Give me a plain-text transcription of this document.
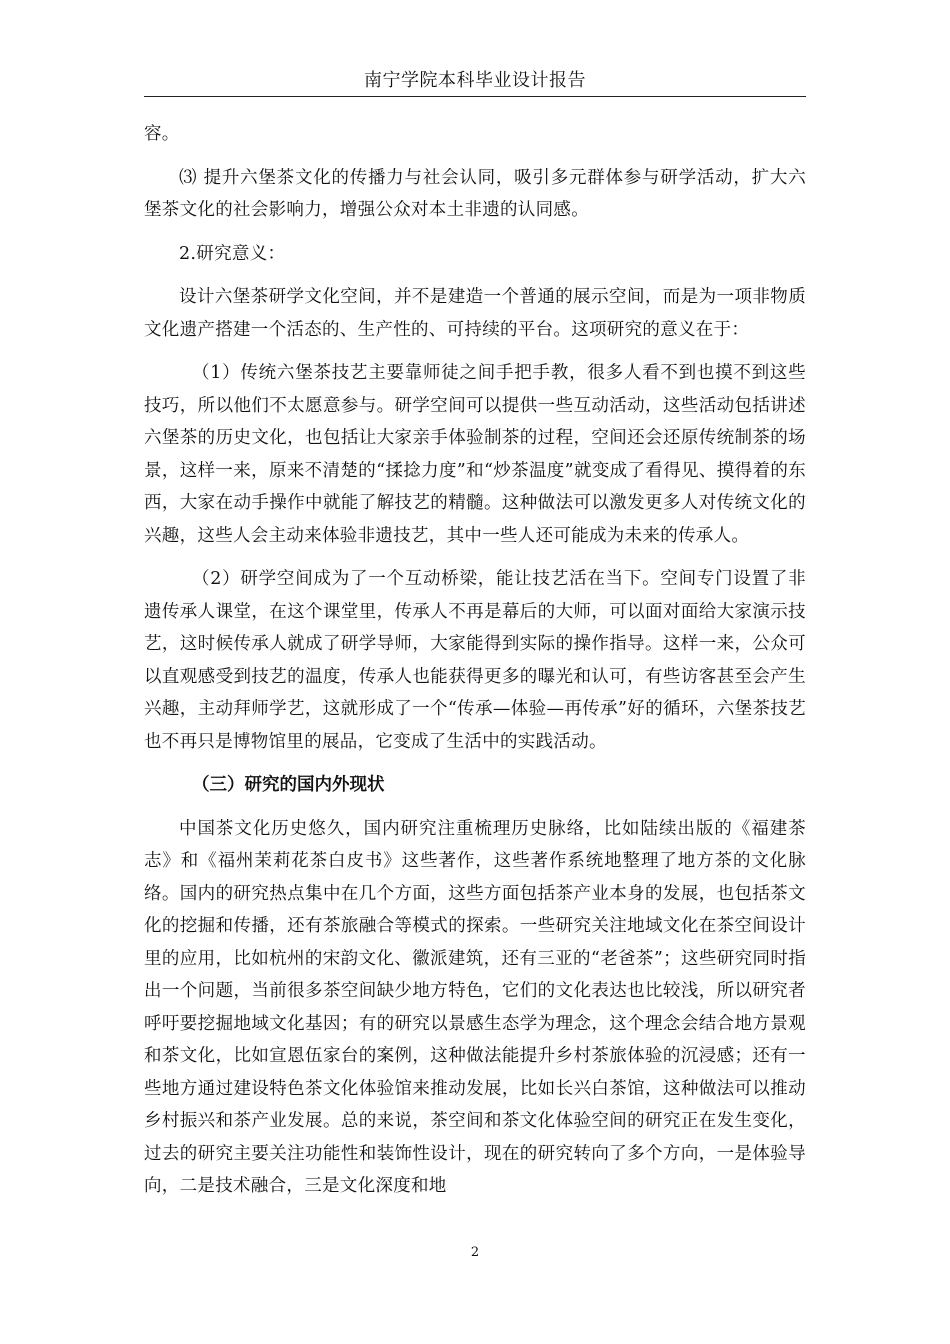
南宁学院本科毕业设计报告

容。

⑶ 提升六堡茶文化的传播力与社会认同，吸引多元群体参与研学活动，扩大六堡茶文化的社会影响力，增强公众对本土非遗的认同感。

2.研究意义：

设计六堡茶研学文化空间，并不是建造一个普通的展示空间，而是为一项非物质文化遗产搭建一个活态的、生产性的、可持续的平台。这项研究的意义在于：

（1）传统六堡茶技艺主要靠师徒之间手把手教，很多人看不到也摸不到这些技巧，所以他们不太愿意参与。研学空间可以提供一些互动活动，这些活动包括讲述六堡茶的历史文化，也包括让大家亲手体验制茶的过程，空间还会还原传统制茶的场景，这样一来，原来不清楚的“揉捻力度”和“炒茶温度”就变成了看得见、摸得着的东西，大家在动手操作中就能了解技艺的精髓。这种做法可以激发更多人对传统文化的兴趣，这些人会主动来体验非遗技艺，其中一些人还可能成为未来的传承人。

（2）研学空间成为了一个互动桥梁，能让技艺活在当下。空间专门设置了非遗传承人课堂，在这个课堂里，传承人不再是幕后的大师，可以面对面给大家演示技艺，这时候传承人就成了研学导师，大家能得到实际的操作指导。这样一来，公众可以直观感受到技艺的温度，传承人也能获得更多的曝光和认可，有些访客甚至会产生兴趣，主动拜师学艺，这就形成了一个“传承—体验—再传承”好的循环，六堡茶技艺也不再只是博物馆里的展品，它变成了生活中的实践活动。

（三）研究的国内外现状

中国茶文化历史悠久，国内研究注重梳理历史脉络，比如陆续出版的《福建茶志》和《福州茉莉花茶白皮书》这些著作，这些著作系统地整理了地方茶的文化脉络。国内的研究热点集中在几个方面，这些方面包括茶产业本身的发展，也包括茶文化的挖掘和传播，还有茶旅融合等模式的探索。一些研究关注地域文化在茶空间设计里的应用，比如杭州的宋韵文化、徽派建筑，还有三亚的“老爸茶”；这些研究同时指出一个问题，当前很多茶空间缺少地方特色，它们的文化表达也比较浅，所以研究者呼吁要挖掘地域文化基因；有的研究以景感生态学为理念，这个理念会结合地方景观和茶文化，比如宣恩伍家台的案例，这种做法能提升乡村茶旅体验的沉浸感；还有一些地方通过建设特色茶文化体验馆来推动发展，比如长兴白茶馆，这种做法可以推动乡村振兴和茶产业发展。总的来说，茶空间和茶文化体验空间的研究正在发生变化，过去的研究主要关注功能性和装饰性设计，现在的研究转向了多个方向，一是体验导向，二是技术融合，三是文化深度和地

2
